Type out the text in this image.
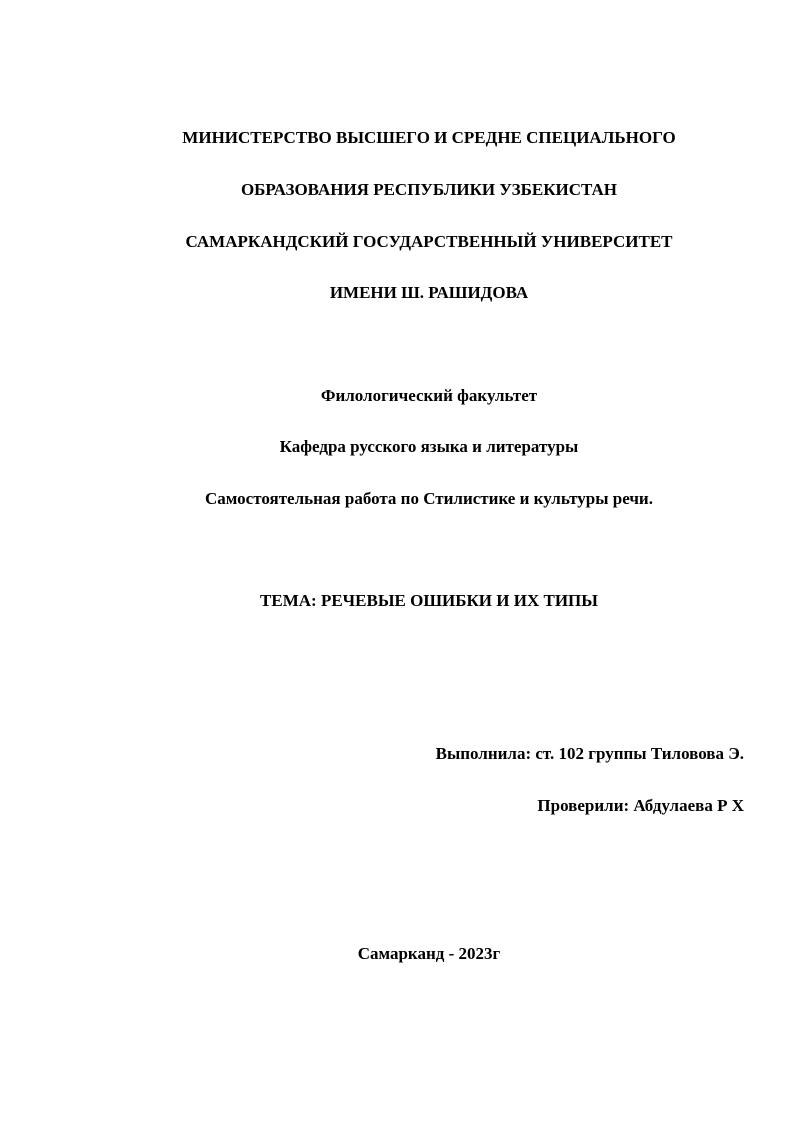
МИНИСТЕРСТВО ВЫСШЕГО И СРЕДНЕ СПЕЦИАЛЬНОГО
ОБРАЗОВАНИЯ РЕСПУБЛИКИ УЗБЕКИСТАН
САМАРКАНДСКИЙ ГОСУДАРСТВЕННЫЙ УНИВЕРСИТЕТ
ИМЕНИ Ш. РАШИДОВА
Филологический факультет
Кафедра русского языка и литературы
Самостоятельная работа по Стилистике и культуры речи.
ТЕМА: РЕЧЕВЫЕ ОШИБКИ И ИХ ТИПЫ
Выполнила: ст. 102 группы Тиловова Э.
Проверили: Абдулаева Р Х
Самарканд - 2023г
